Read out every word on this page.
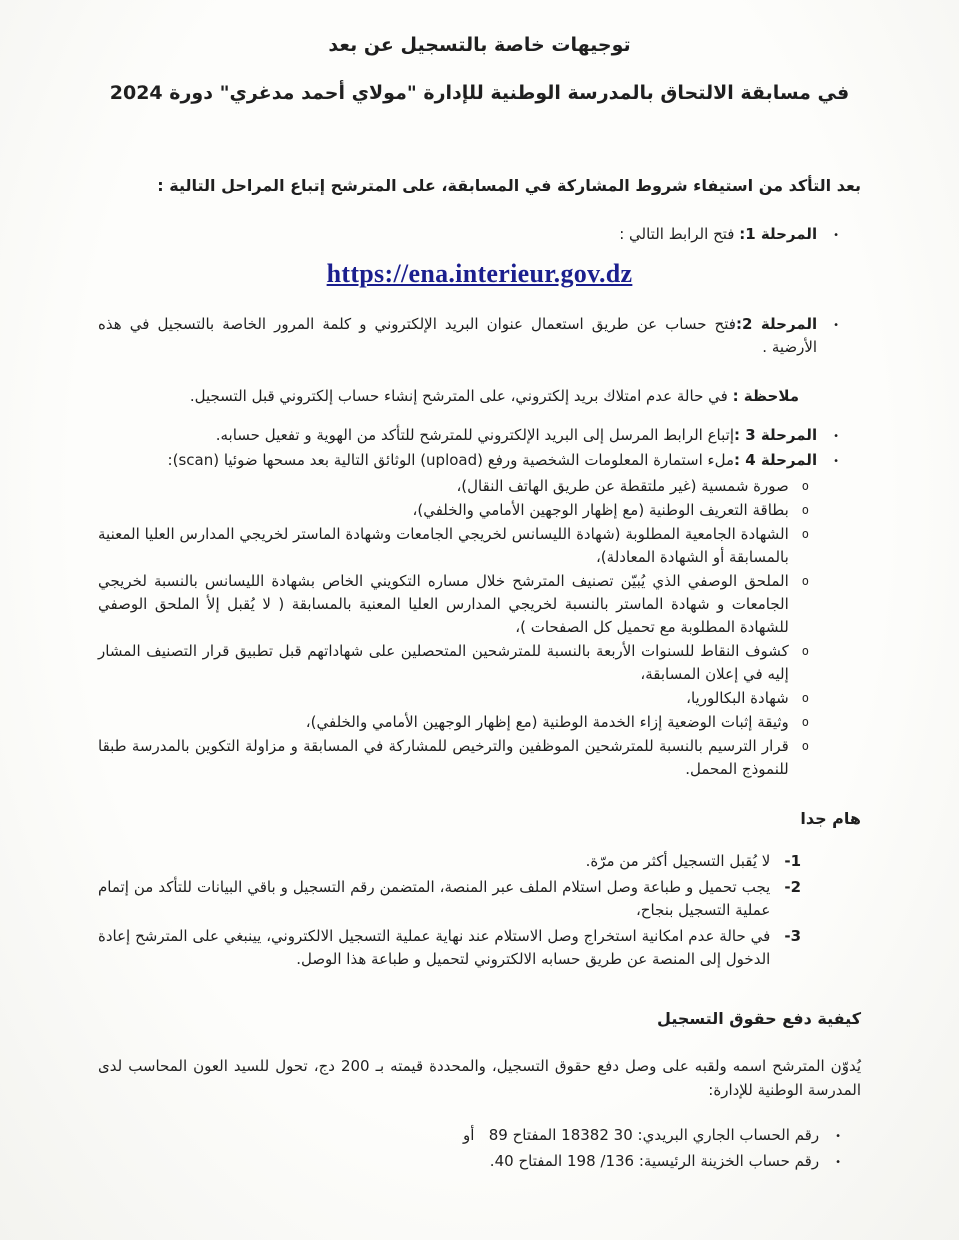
توجيهات خاصة بالتسجيل عن بعد
في مسابقة الالتحاق بالمدرسة الوطنية للإدارة "مولاي أحمد مدغري" دورة 2024

بعد التأكد من استيفاء شروط المشاركة في المسابقة، على المترشح إتباع المراحل التالية :

•

المرحلة 1: فتح الرابط التالي :

https://ena.interieur.gov.dz

•

المرحلة 2:فتح حساب عن طريق استعمال عنوان البريد الإلكتروني و كلمة المرور الخاصة بالتسجيل في هذه الأرضية .

ملاحظة : في حالة عدم امتلاك بريد إلكتروني، على المترشح إنشاء حساب إلكتروني قبل التسجيل.

•

المرحلة 3 :إتباع الرابط المرسل إلى البريد الإلكتروني للمترشح للتأكد من الهوية و تفعيل حسابه.

•

المرحلة 4 :ملء استمارة المعلومات الشخصية ورفع (upload) الوثائق التالية بعد مسحها ضوئيا (scan):

o

صورة شمسية (غير ملتقطة عن طريق الهاتف النقال)،

o

بطاقة التعريف الوطنية (مع إظهار الوجهين الأمامي والخلفي)،

o

الشهادة الجامعية المطلوبة (شهادة الليسانس لخريجي الجامعات وشهادة الماستر لخريجي المدارس العليا المعنية بالمسابقة أو الشهادة المعادلة)،

o

الملحق الوصفي الذي يُبيّن تصنيف المترشح خلال مساره التكويني الخاص بشهادة الليسانس بالنسبة لخريجي الجامعات و شهادة الماستر بالنسبة لخريجي المدارس العليا المعنية بالمسابقة ( لا يُقبل إلأ الملحق الوصفي للشهادة المطلوبة مع تحميل كل الصفحات )،

o

كشوف النقاط للسنوات الأربعة بالنسبة للمترشحين المتحصلين على شهاداتهم قبل تطبيق قرار التصنيف المشار إليه في إعلان المسابقة،

o

شهادة البكالوريا،

o

وثيقة إثبات الوضعية إزاء الخدمة الوطنية (مع إظهار الوجهين الأمامي والخلفي)،

o

قرار الترسيم بالنسبة للمترشحين الموظفين والترخيص للمشاركة في المسابقة و مزاولة التكوين بالمدرسة طبقا للنموذج المحمل.

هام جدا
1-

لا يُقبل التسجيل أكثر من مرّة.

2-

يجب تحميل و طباعة وصل استلام الملف عبر المنصة، المتضمن رقم التسجيل و باقي البيانات للتأكد من إتمام عملية التسجيل بنجاح،

3-

في حالة عدم امكانية استخراج وصل الاستلام عند نهاية عملية التسجيل الالكتروني، يينبغي على المترشح إعادة الدخول إلى المنصة عن طريق حسابه الالكتروني لتحميل و طباعة هذا الوصل.

كيفية دفع حقوق التسجيل

يُدوّن المترشح اسمه ولقبه على وصل دفع حقوق التسجيل، والمحددة قيمته بـ 200 دج، تحول للسيد العون المحاسب لدى المدرسة الوطنية للإدارة:

•

رقم الحساب الجاري البريدي: 30 18382 المفتاح 89   أو

•

رقم حساب الخزينة الرئيسية: 136/ 198 المفتاح 40.
